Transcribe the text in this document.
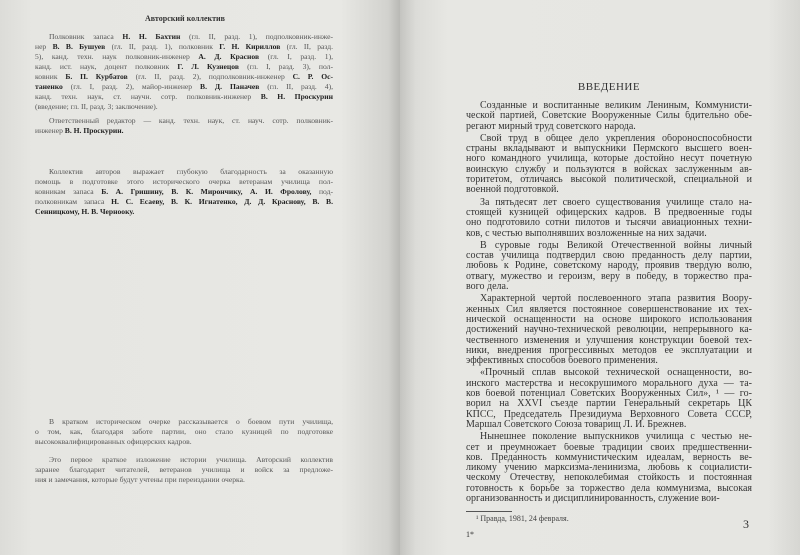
Авторский коллектив
Полковник запаса Н. Н. Бахтин (гл. II, разд. 1), подполковник-инже-
нер В. В. Бушуев (гл. II, разд. 1), полковник Г. Н. Кириллов (гл. II, разд.
5), канд. техн. наук полковник-инженер А. Д. Краснов (гл. I, разд. 1),
канд. ист. наук, доцент полковник Г. Л. Кузнецов (гл. I, разд. 3), пол-
ковник Б. П. Курбатов (гл. II, разд. 2), подполковник-инженер С. Р. Ос-
таненко (гл. I, разд. 2), майор-инженер В. Д. Паначев (гл. II, разд. 4),
канд. техн. наук, ст. научн. сотр. полковник-инженер В. Н. Проскурин
(введение; гл. II, разд. 3; заключение).
Ответственный редактор — канд. техн. наук, ст. науч. сотр. полковник-
инженер В. Н. Проскурин.
Коллектив авторов выражает глубокую благодарность за оказанную
помощь в подготовке этого исторического очерка ветеранам училища пол-
ковникам запаса Б. А. Гришину, В. К. Мирончику, А. И. Фролову, под-
полковникам запаса Н. С. Есаеву, В. К. Игнатенко, Д. Д. Краснову, В. В.
Сенницкому, Н. В. Чернооку.
В кратком историческом очерке рассказывается о боевом пути училища,
о том, как, благодаря заботе партии, оно стало кузницей по подготовке
высококвалифицированных офицерских кадров.
Это первое краткое изложение истории училища. Авторский коллектив
заранее благодарит читателей, ветеранов училища и войск за предложе-
ния и замечания, которые будут учтены при переиздании очерка.
ВВЕДЕНИЕ
Созданные и воспитанные великим Лениным, Коммунисти-
ческой партией, Советские Вооруженные Силы бдительно обе-
регают мирный труд советского народа.
Свой труд в общее дело укрепления обороноспособности
страны вкладывают и выпускники Пермского высшего воен-
ного командного училища, которые достойно несут почетную
воинскую службу и пользуются в войсках заслуженным ав-
торитетом, отличаясь высокой политической, специальной и
военной подготовкой.
За пятьдесят лет своего существования училище стало на-
стоящей кузницей офицерских кадров. В предвоенные годы
оно подготовило сотни пилотов и тысячи авиационных техни-
ков, с честью выполнявших возложенные на них задачи.
В суровые годы Великой Отечественной войны личный
состав училища подтвердил свою преданность делу партии,
любовь к Родине, советскому народу, проявив твердую волю,
отвагу, мужество и героизм, веру в победу, в торжество пра-
вого дела.
Характерной чертой послевоенного этапа развития Воору-
женных Сил является постоянное совершенствование их тех-
нической оснащенности на основе широкого использования
достижений научно-технической революции, непрерывного ка-
чественного изменения и улучшения конструкции боевой тех-
ники, внедрения прогрессивных методов ее эксплуатации и
эффективных способов боевого применения.
«Прочный сплав высокой технической оснащенности, во-
инского мастерства и несокрушимого морального духа — та-
ков боевой потенциал Советских Вооруженных Сил», ¹ — го-
ворил на XXVI съезде партии Генеральный секретарь ЦК
КПСС, Председатель Президиума Верховного Совета СССР,
Маршал Советского Союза товарищ Л. И. Брежнев.
Нынешнее поколение выпускников училища с честью не-
сет и преумножает боевые традиции своих предшественни-
ков. Преданность коммунистическим идеалам, верность ве-
ликому учению марксизма-ленинизма, любовь к социалисти-
ческому Отечеству, непоколебимая стойкость и постоянная
готовность к борьбе за торжество дела коммунизма, высокая
организованность и дисциплинированность, служение вои-
¹ Правда, 1981, 24 февраля.	3
1*
